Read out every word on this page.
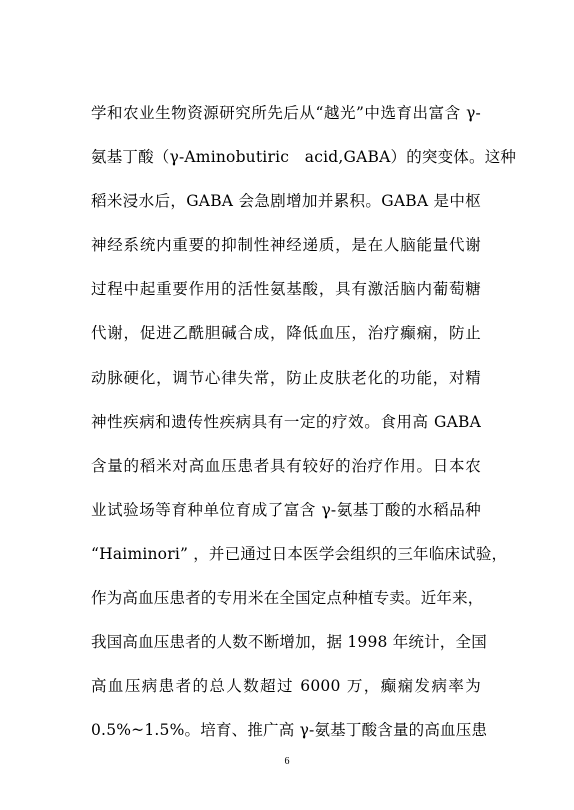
学和农业生物资源研究所先后从“越光”中选育出富含 γ-
氨基丁酸（γ-Aminobutiric　acid,GABA）的突变体。这种
稻米浸水后，GABA 会急剧增加并累积。GABA 是中枢
神经系统内重要的抑制性神经递质，是在人脑能量代谢
过程中起重要作用的活性氨基酸，具有激活脑内葡萄糖
代谢，促进乙酰胆碱合成，降低血压，治疗癫痫，防止
动脉硬化，调节心律失常，防止皮肤老化的功能，对精
神性疾病和遗传性疾病具有一定的疗效。食用高 GABA
含量的稻米对高血压患者具有较好的治疗作用。日本农
业试验场等育种单位育成了富含 γ-氨基丁酸的水稻品种
“Haiminori” ，并已通过日本医学会组织的三年临床试验，
作为高血压患者的专用米在全国定点种植专卖。近年来，
我国高血压患者的人数不断增加，据 1998 年统计，全国
高血压病患者的总人数超过 6000 万，癫痫发病率为
0.5%~1.5%。培育、推广高 γ-氨基丁酸含量的高血压患
6
